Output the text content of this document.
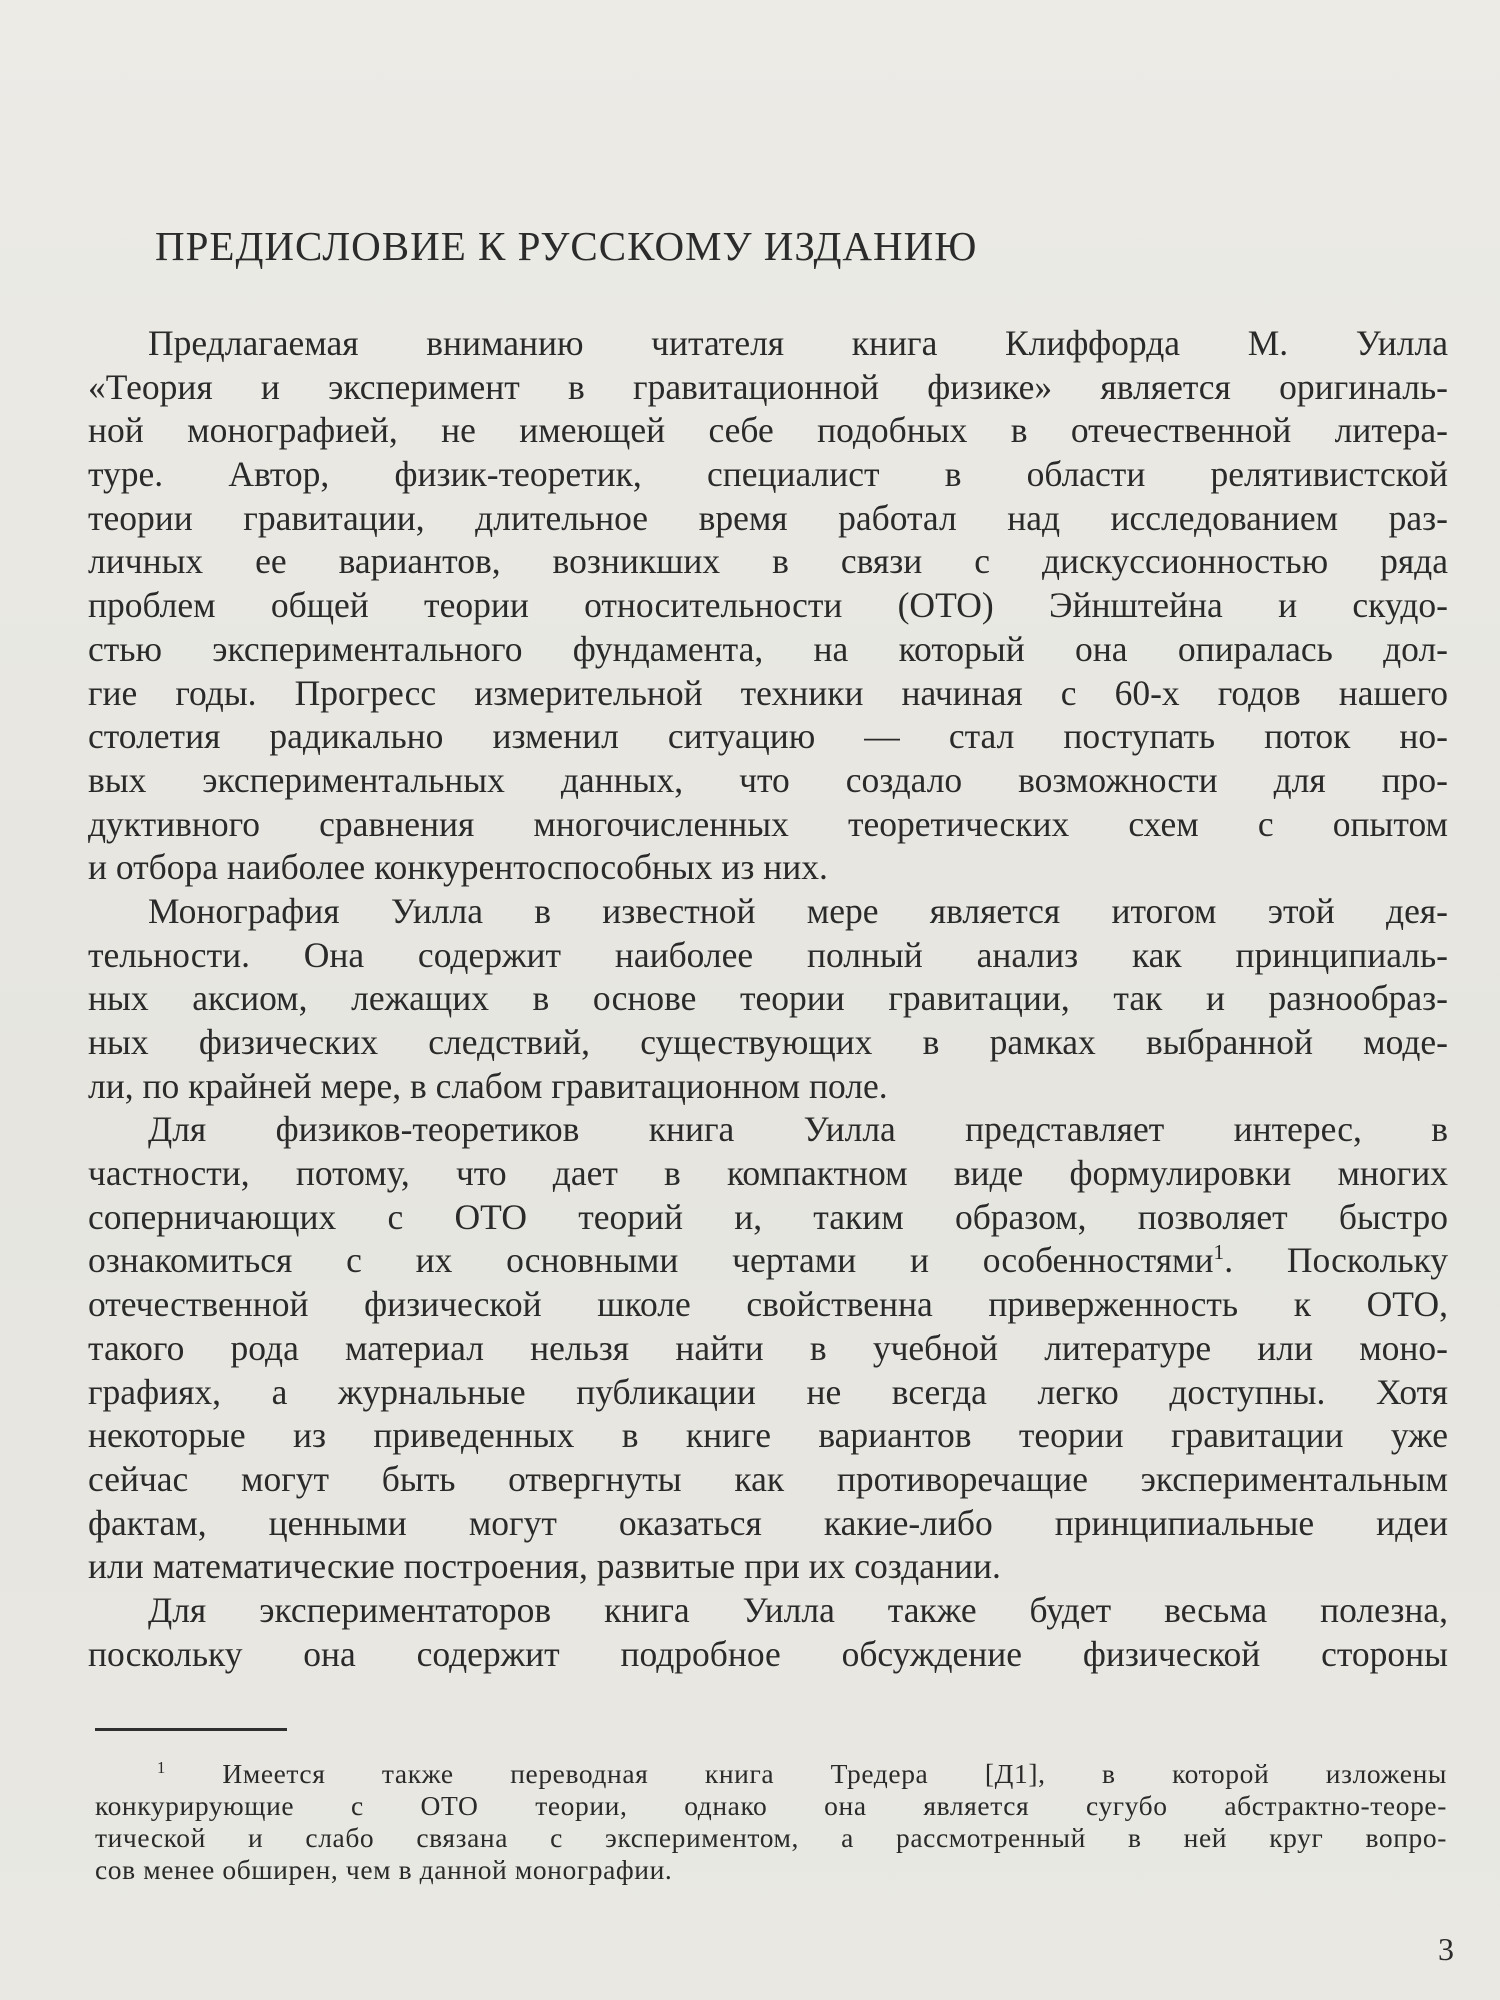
ПРЕДИСЛОВИЕ К РУССКОМУ ИЗДАНИЮ
Предлагаемая вниманию читателя книга Клиффорда М. Уилла
«Теория и эксперимент в гравитационной физике» является оригиналь-
ной монографией, не имеющей себе подобных в отечественной литера-
туре. Автор, физик-теоретик, специалист в области релятивистской
теории гравитации, длительное время работал над исследованием раз-
личных ее вариантов, возникших в связи с дискуссионностью ряда
проблем общей теории относительности (ОТО) Эйнштейна и скудо-
стью экспериментального фундамента, на который она опиралась дол-
гие годы. Прогресс измерительной техники начиная с 60-х годов нашего
столетия радикально изменил ситуацию — стал поступать поток но-
вых экспериментальных данных, что создало возможности для про-
дуктивного сравнения многочисленных теоретических схем с опытом
и отбора наиболее конкурентоспособных из них.
Монография Уилла в известной мере является итогом этой дея-
тельности. Она содержит наиболее полный анализ как принципиаль-
ных аксиом, лежащих в основе теории гравитации, так и разнообраз-
ных физических следствий, существующих в рамках выбранной моде-
ли, по крайней мере, в слабом гравитационном поле.
Для физиков-теоретиков книга Уилла представляет интерес, в
частности, потому, что дает в компактном виде формулировки многих
соперничающих с ОТО теорий и, таким образом, позволяет быстро
ознакомиться с их основными чертами и особенностями$^1$. Поскольку
отечественной физической школе свойственна приверженность к ОТО,
такого рода материал нельзя найти в учебной литературе или моно-
графиях, а журнальные публикации не всегда легко доступны. Хотя
некоторые из приведенных в книге вариантов теории гравитации уже
сейчас могут быть отвергнуты как противоречащие экспериментальным
фактам, ценными могут оказаться какие-либо принципиальные идеи
или математические построения, развитые при их создании.
Для экспериментаторов книга Уилла также будет весьма полезна,
поскольку она содержит подробное обсуждение физической стороны
$^1$ Имеется также переводная книга Тредера [Д1], в которой изложены
конкурирующие с ОТО теории, однако она является сугубо абстрактно-теоре-
тической и слабо связана с экспериментом, а рассмотренный в ней круг вопро-
сов менее обширен, чем в данной монографии.
3
